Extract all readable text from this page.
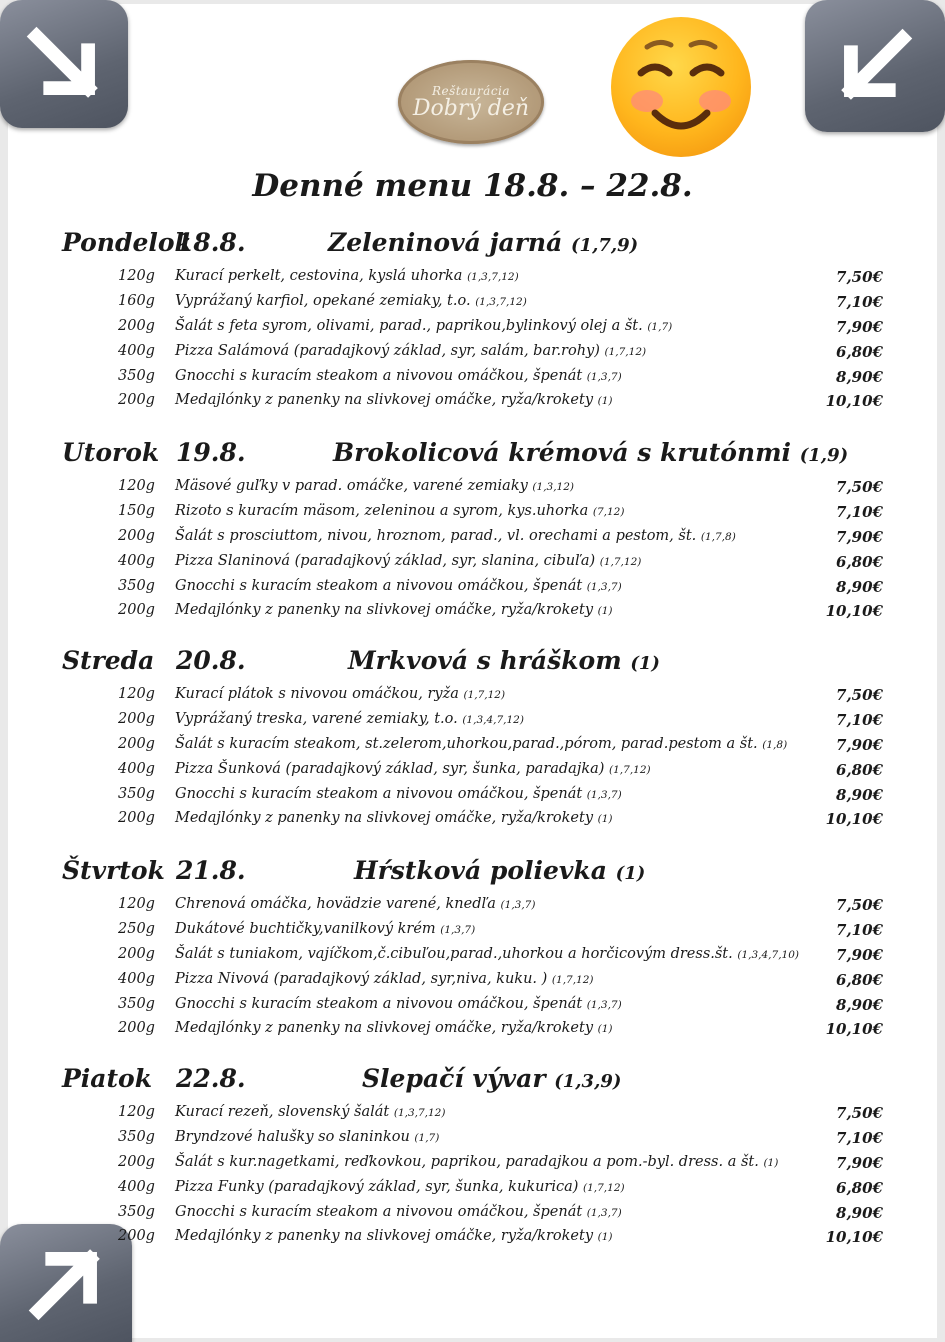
Reštaurácia
Dobrý deň
Denné menu 18.8. – 22.8.
Pondelok
18.8.	Zeleninová jarná (1,7,9)
120g Kurací perkelt, cestovina, kyslá uhorka (1,3,7,12)	7,50€
160g Vyprážaný karfiol, opekané zemiaky, t.o. (1,3,7,12)	7,10€
200g Šalát s feta syrom, olivami, parad., paprikou,bylinkový olej a št. (1,7)	7,90€
400g Pizza Salámová (paradajkový základ, syr, salám, bar.rohy) (1,7,12)	6,80€
350g Gnocchi s kuracím steakom a nivovou omáčkou, špenát (1,3,7)	8,90€
200g Medajlónky z panenky na slivkovej omáčke, ryža/krokety (1)	10,10€
Utorok 19.8.	Brokolicová krémová s krutónmi (1,9)
120g Mäsové guľky v parad. omáčke, varené zemiaky (1,3,12)	7,50€
150g Rizoto s kuracím mäsom, zeleninou a syrom, kys.uhorka (7,12)	7,10€
200g Šalát s prosciuttom, nivou, hroznom, parad., vl. orechami a pestom, št. (1,7,8)	7,90€
400g Pizza Slaninová (paradajkový základ, syr, slanina, cibuľa) (1,7,12)	6,80€
350g Gnocchi s kuracím steakom a nivovou omáčkou, špenát (1,3,7)	8,90€
200g Medajlónky z panenky na slivkovej omáčke, ryža/krokety (1)	10,10€
Streda 20.8.	Mrkvová s hráškom (1)
120g Kurací plátok s nivovou omáčkou, ryža (1,7,12)	7,50€
200g Vyprážaný treska, varené zemiaky, t.o. (1,3,4,7,12)	7,10€
200g Šalát s kuracím steakom, st.zelerom,uhorkou,parad.,pórom, parad.pestom a št. (1,8)	7,90€
400g Pizza Šunková (paradajkový základ, syr, šunka, paradajka) (1,7,12)	6,80€
350g Gnocchi s kuracím steakom a nivovou omáčkou, špenát (1,3,7)	8,90€
200g Medajlónky z panenky na slivkovej omáčke, ryža/krokety (1)	10,10€
Štvrtok 21.8.	Hŕstková polievka (1)
120g Chrenová omáčka, hovädzie varené, knedľa (1,3,7)	7,50€
250g Dukátové buchtičky,vanilkový krém (1,3,7)	7,10€
200g Šalát s tuniakom, vajíčkom,č.cibuľou,parad.,uhorkou a horčicovým dress.št. (1,3,4,7,10) 7,90€
400g Pizza Nivová (paradajkový základ, syr,niva, kuku. ) (1,7,12)	6,80€
350g Gnocchi s kuracím steakom a nivovou omáčkou, špenát (1,3,7)	8,90€
200g Medajlónky z panenky na slivkovej omáčke, ryža/krokety (1)	10,10€
Piatok 22.8.	Slepačí vývar (1,3,9)
120g Kurací rezeň, slovenský šalát (1,3,7,12)	7,50€
350g Bryndzové halušky so slaninkou (1,7)	7,10€
200g Šalát s kur.nagetkami, reďkovkou, paprikou, paradajkou a pom.-byl. dress. a št. (1)	7,90€
400g Pizza Funky (paradajkový základ, syr, šunka, kukurica) (1,7,12)	6,80€
350g Gnocchi s kuracím steakom a nivovou omáčkou, špenát (1,3,7)	8,90€
200g Medajlónky z panenky na slivkovej omáčke, ryža/krokety (1)	10,10€
